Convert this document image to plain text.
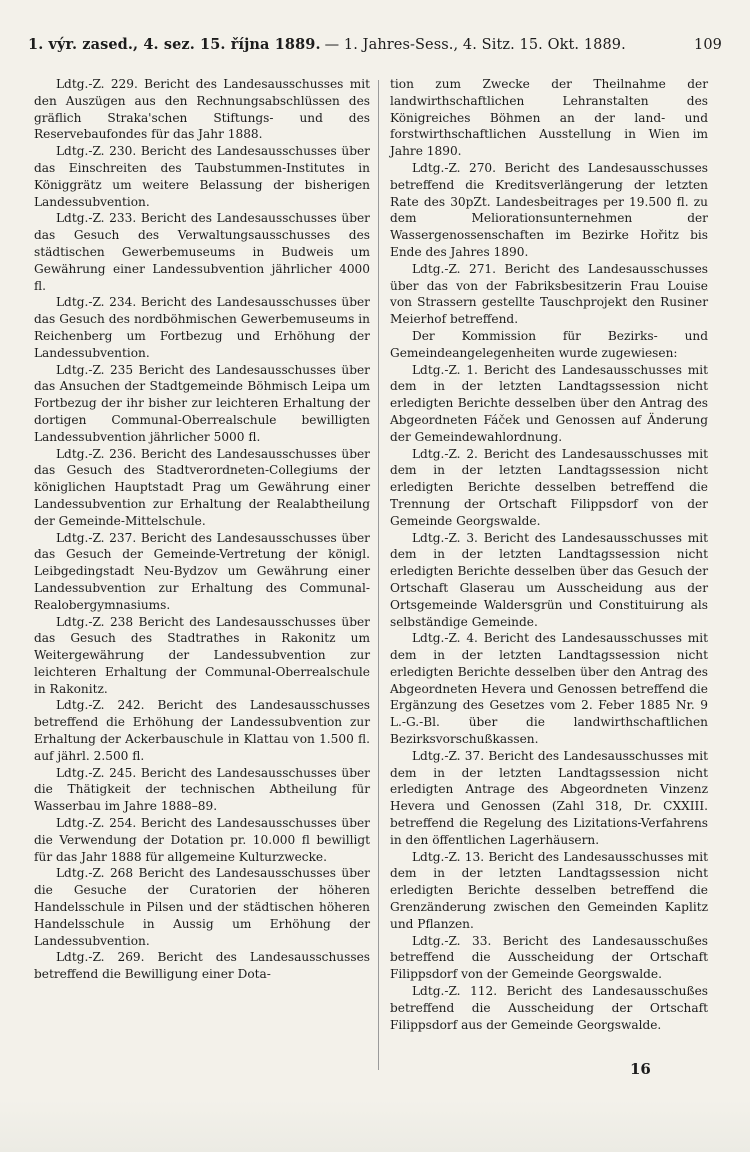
1. výr. zased., 4. sez. 15. října 1889. — 1. Jahres-Sess., 4. Sitz. 15. Okt. 1889.	109

Ldtg.-Z. 229. Bericht des Landesausschusses mit den Auszügen aus den Rechnungsabschlüssen des gräflich Straka'schen Stiftungs- und des Reservebaufondes für das Jahr 1888.

Ldtg.-Z. 230. Bericht des Landesausschusses über das Einschreiten des Taubstummen-Institutes in Königgrätz um weitere Belassung der bisherigen Landessubvention.

Ldtg.-Z. 233. Bericht des Landesausschusses über das Gesuch des Verwaltungsausschusses des städtischen Gewerbemuseums in Budweis um Gewährung einer Landessubvention jährlicher 4000 fl.

Ldtg.-Z. 234. Bericht des Landesausschusses über das Gesuch des nordböhmischen Gewerbemuseums in Reichenberg um Fortbezug und Erhöhung der Landessubvention.

Ldtg.-Z. 235 Bericht des Landesausschusses über das Ansuchen der Stadtgemeinde Böhmisch Leipa um Fortbezug der ihr bisher zur leichteren Erhaltung der dortigen Communal-Oberrealschule bewilligten Landessubvention jährlicher 5000 fl.

Ldtg.-Z. 236. Bericht des Landesausschusses über das Gesuch des Stadtverordneten-Collegiums der königlichen Hauptstadt Prag um Gewährung einer Landessubvention zur Erhaltung der Realabtheilung der Gemeinde-Mittelschule.

Ldtg.-Z. 237. Bericht des Landesausschusses über das Gesuch der Gemeinde-Vertretung der königl. Leibgedingstadt Neu-Bydzov um Gewährung einer Landessubvention zur Erhaltung des Communal-Realobergymnasiums.

Ldtg.-Z. 238 Bericht des Landesausschusses über das Gesuch des Stadtrathes in Rakonitz um Weitergewährung der Landessubvention zur leichteren Erhaltung der Communal-Oberrealschule in Rakonitz.

Ldtg.-Z. 242. Bericht des Landesausschusses betreffend die Erhöhung der Landessubvention zur Erhaltung der Ackerbauschule in Klattau von 1.500 fl. auf jährl. 2.500 fl.

Ldtg.-Z. 245. Bericht des Landesausschusses über die Thätigkeit der technischen Abtheilung für Wasserbau im Jahre 1888–89.

Ldtg.-Z. 254. Bericht des Landesausschusses über die Verwendung der Dotation pr. 10.000 fl bewilligt für das Jahr 1888 für allgemeine Kulturzwecke.

Ldtg.-Z. 268 Bericht des Landesausschusses über die Gesuche der Curatorien der höheren Handelsschule in Pilsen und der städtischen höheren Handelsschule in Aussig um Erhöhung der Landessubvention.

Ldtg.-Z. 269. Bericht des Landesausschusses betreffend die Bewilligung einer Dota-

tion zum Zwecke der Theilnahme der landwirthschaftlichen Lehranstalten des Königreiches Böhmen an der land- und forstwirthschaftlichen Ausstellung in Wien im Jahre 1890.

Ldtg.-Z. 270. Bericht des Landesausschusses betreffend die Kreditsverlängerung der letzten Rate des 30pZt. Landesbeitrages per 19.500 fl. zu dem Meliorationsunternehmen der Wassergenossenschaften im Bezirke Hořitz bis Ende des Jahres 1890.

Ldtg.-Z. 271. Bericht des Landesausschusses über das von der Fabriksbesitzerin Frau Louise von Strassern gestellte Tauschprojekt den Rusiner Meierhof betreffend.

Der Kommission für Bezirks- und Gemeindeangelegenheiten wurde zugewiesen:

Ldtg.-Z. 1. Bericht des Landesausschusses mit dem in der letzten Landtagssession nicht erledigten Berichte desselben über den Antrag des Abgeordneten Fáček und Genossen auf Änderung der Gemeindewahlordnung.

Ldtg.-Z. 2. Bericht des Landesausschusses mit dem in der letzten Landtagssession nicht erledigten Berichte desselben betreffend die Trennung der Ortschaft Filippsdorf von der Gemeinde Georgswalde.

Ldtg.-Z. 3. Bericht des Landesausschusses mit dem in der letzten Landtagssession nicht erledigten Berichte desselben über das Gesuch der Ortschaft Glaserau um Ausscheidung aus der Ortsgemeinde Waldersgrün und Constituirung als selbständige Gemeinde.

Ldtg.-Z. 4. Bericht des Landesausschusses mit dem in der letzten Landtagssession nicht erledigten Berichte desselben über den Antrag des Abgeordneten Hevera und Genossen betreffend die Ergänzung des Gesetzes vom 2. Feber 1885 Nr. 9 L.-G.-Bl. über die landwirthschaftlichen Bezirksvorschußkassen.

Ldtg.-Z. 37. Bericht des Landesausschusses mit dem in der letzten Landtagssession nicht erledigten Antrage des Abgeordneten Vinzenz Hevera und Genossen (Zahl 318, Dr. CXXIII. betreffend die Regelung des Lizitations-Verfahrens in den öffentlichen Lagerhäusern.

Ldtg.-Z. 13. Bericht des Landesausschusses mit dem in der letzten Landtagssession nicht erledigten Berichte desselben betreffend die Grenzänderung zwischen den Gemeinden Kaplitz und Pflanzen.

Ldtg.-Z. 33. Bericht des Landesausschußes betreffend die Ausscheidung der Ortschaft Filippsdorf von der Gemeinde Georgswalde.

Ldtg.-Z. 112. Bericht des Landesausschußes betreffend die Ausscheidung der Ortschaft Filippsdorf aus der Gemeinde Georgswalde.

16
